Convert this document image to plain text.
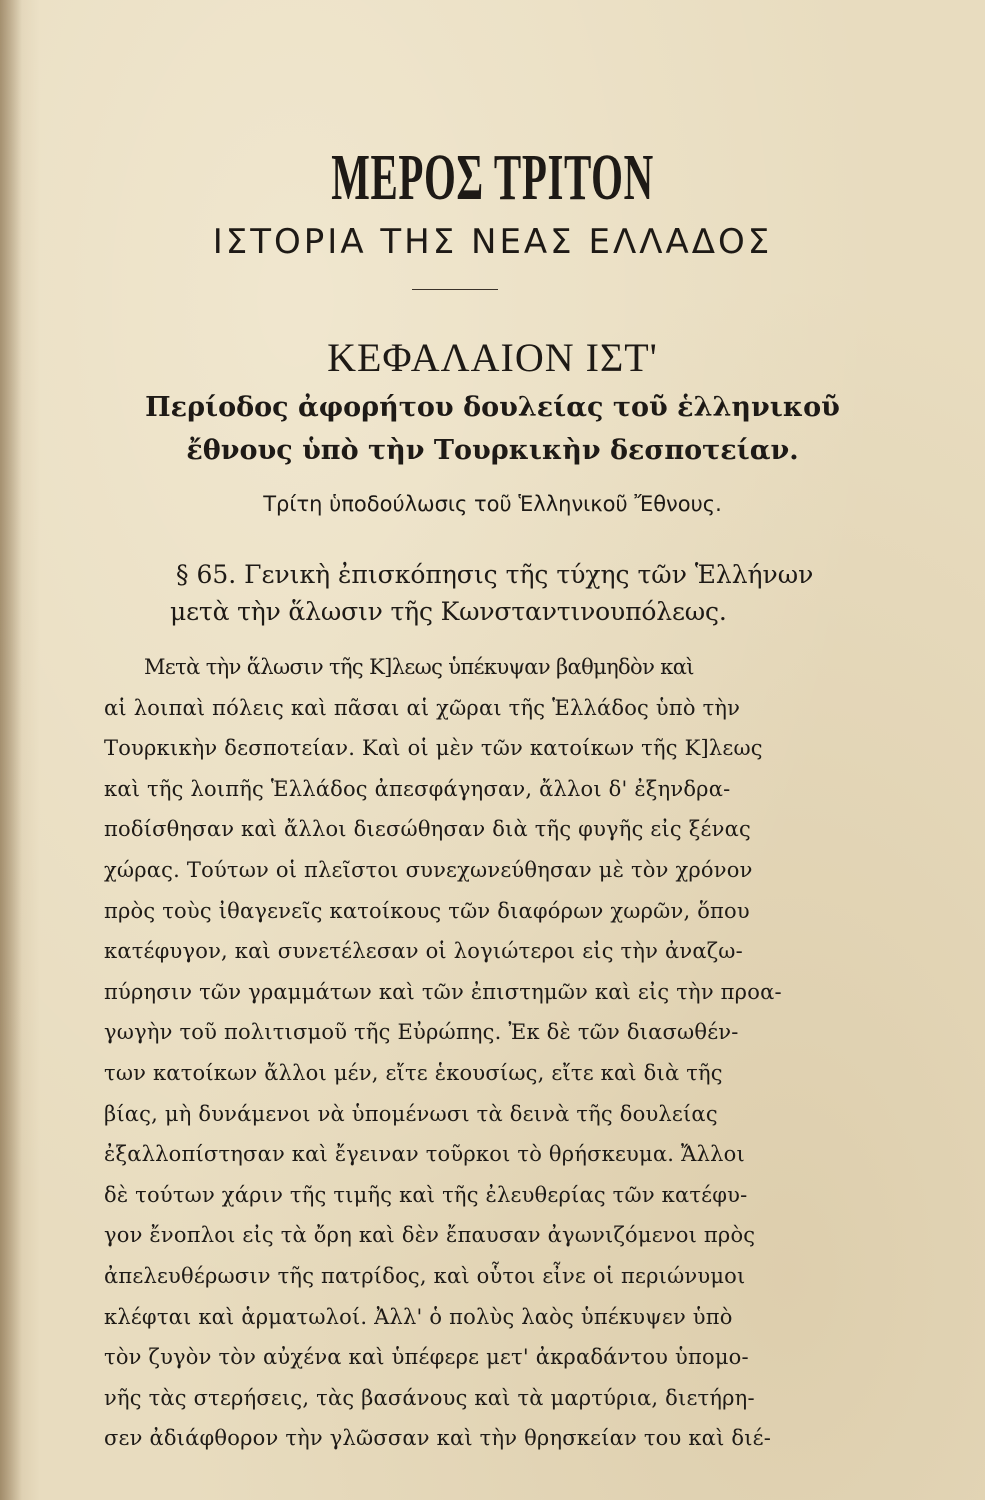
ΜΕΡΟΣ ΤΡΙΤΟΝ
ΙΣΤΟΡΙΑ ΤΗΣ ΝΕΑΣ ΕΛΛΑΔΟΣ
ΚΕΦΑΛΑΙΟΝ ΙΣΤ'
Περίοδος ἀφορήτου δουλείας τοῦ ἑλληνικοῦ
ἔθνους ὑπὸ τὴν Τουρκικὴν δεσποτείαν.
Τρίτη ὑποδούλωσις τοῦ Ἑλληνικοῦ Ἔθνους.
§ 65. Γενικὴ ἐπισκόπησις τῆς τύχης τῶν Ἑλλήνων
μετὰ τὴν ἅλωσιν τῆς Κωνσταντινουπόλεως.
Μετὰ τὴν ἅλωσιν τῆς Κ]λεως ὑπέκυψαν βαθμηδὸν καὶ
αἱ λοιπαὶ πόλεις καὶ πᾶσαι αἱ χῶραι τῆς Ἑλλάδος ὑπὸ τὴν
Τουρκικὴν δεσποτείαν. Καὶ οἱ μὲν τῶν κατοίκων τῆς Κ]λεως
καὶ τῆς λοιπῆς Ἑλλάδος ἀπεσφάγησαν, ἄλλοι δ' ἐξηνδρα-
ποδίσθησαν καὶ ἄλλοι διεσώθησαν διὰ τῆς φυγῆς εἰς ξένας
χώρας. Τούτων οἱ πλεῖστοι συνεχωνεύθησαν μὲ τὸν χρόνον
πρὸς τοὺς ἰθαγενεῖς κατοίκους τῶν διαφόρων χωρῶν, ὅπου
κατέφυγον, καὶ συνετέλεσαν οἱ λογιώτεροι εἰς τὴν ἀναζω-
πύρησιν τῶν γραμμάτων καὶ τῶν ἐπιστημῶν καὶ εἰς τὴν προα-
γωγὴν τοῦ πολιτισμοῦ τῆς Εὐρώπης. Ἐκ δὲ τῶν διασωθέν-
των κατοίκων ἄλλοι μέν, εἴτε ἑκουσίως, εἴτε καὶ διὰ τῆς
βίας, μὴ δυνάμενοι νὰ ὑπομένωσι τὰ δεινὰ τῆς δουλείας
ἐξαλλοπίστησαν καὶ ἔγειναν τοῦρκοι τὸ θρήσκευμα. Ἄλλοι
δὲ τούτων χάριν τῆς τιμῆς καὶ τῆς ἐλευθερίας τῶν κατέφυ-
γον ἔνοπλοι εἰς τὰ ὄρη καὶ δὲν ἔπαυσαν ἀγωνιζόμενοι πρὸς
ἀπελευθέρωσιν τῆς πατρίδος, καὶ οὗτοι εἶνε οἱ περιώνυμοι
κλέφται καὶ ἁρματωλοί. Ἀλλ' ὁ πολὺς λαὸς ὑπέκυψεν ὑπὸ
τὸν ζυγὸν τὸν αὐχένα καὶ ὑπέφερε μετ' ἀκραδάντου ὑπομο-
νῆς τὰς στερήσεις, τὰς βασάνους καὶ τὰ μαρτύρια, διετήρη-
σεν ἀδιάφθορον τὴν γλῶσσαν καὶ τὴν θρησκείαν του καὶ διέ-
